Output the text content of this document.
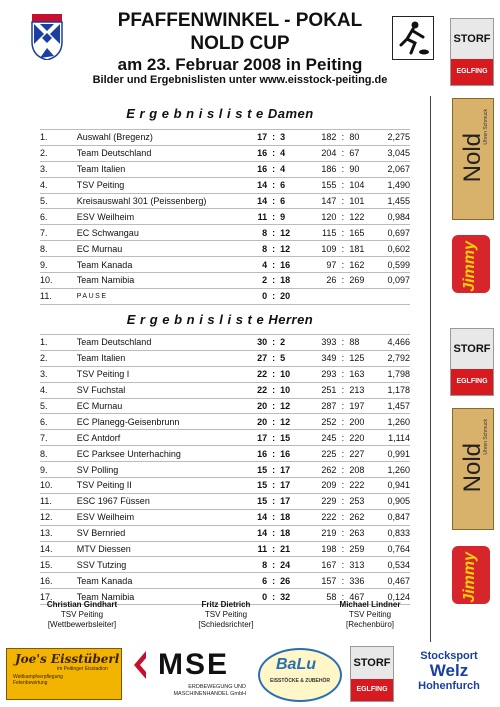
PFAFFENWINKEL - POKAL
NOLD CUP
am 23. Februar 2008 in Peiting
Bilder und Ergebnislisten unter www.eisstock-peiting.de
E r g e b n i s l i s t e Damen
1.	Auswahl (Bregenz)	17	:	3	182	:	80	2,275
2.	Team Deutschland	16	:	4	204	:	67	3,045
3.	Team Italien	16	:	4	186	:	90	2,067
4.	TSV Peiting	14	:	6	155	:	104	1,490
5.	Kreisauswahl 301 (Peissenberg)	14	:	6	147	:	101	1,455
6.	ESV Weilheim	11	:	9	120	:	122	0,984
7.	EC Schwangau	8	:	12	115	:	165	0,697
8.	EC Murnau	8	:	12	109	:	181	0,602
9.	Team Kanada	4	:	16	97	:	162	0,599
10.	Team Namibia	2	:	18	26	:	269	0,097
11.	PAUSE	0	:	20				
E r g e b n i s l i s t e Herren
1.	Team Deutschland	30	:	2	393	:	88	4,466
2.	Team Italien	27	:	5	349	:	125	2,792
3.	TSV Peiting I	22	:	10	293	:	163	1,798
4.	SV Fuchstal	22	:	10	251	:	213	1,178
5.	EC Murnau	20	:	12	287	:	197	1,457
6.	EC Planegg-Geisenbrunn	20	:	12	252	:	200	1,260
7.	EC Antdorf	17	:	15	245	:	220	1,114
8.	EC Parksee Unterhaching	16	:	16	225	:	227	0,991
9.	SV Polling	15	:	17	262	:	208	1,260
10.	TSV Peiting II	15	:	17	209	:	222	0,941
11.	ESC 1967 Füssen	15	:	17	229	:	253	0,905
12.	ESV Weilheim	14	:	18	222	:	262	0,847
13.	SV Bernried	14	:	18	219	:	263	0,833
14.	MTV Diessen	11	:	21	198	:	259	0,764
15.	SSV Tutzing	8	:	24	167	:	313	0,534
16.	Team Kanada	6	:	26	157	:	336	0,467
17.	Team Namibia	0	:	32	58	:	467	0,124
Christian Gindhart
TSV Peiting
[Wettbewerbsleiter]
Fritz Dietrich
TSV Peiting
[Schiedsrichter]
Michael Lindner
TSV Peiting
[Rechenbüro]
STORF
EGLFING
Nold
Uhren Schmuck
Jimmy
STORF
EGLFING
Nold
Uhren Schmuck
Jimmy
Joe's Eisstüberl
im Peitinger Eisstadion
Wettkampfverpflegung
Fetenbewirtung
MSE
ERDBEWEGUNG UND
MASCHINENHANDEL GmbH
BaLu
EISSTÖCKE & ZUBEHÖR
STORF
EGLFING
Stocksport
Welz
Hohenfurch
